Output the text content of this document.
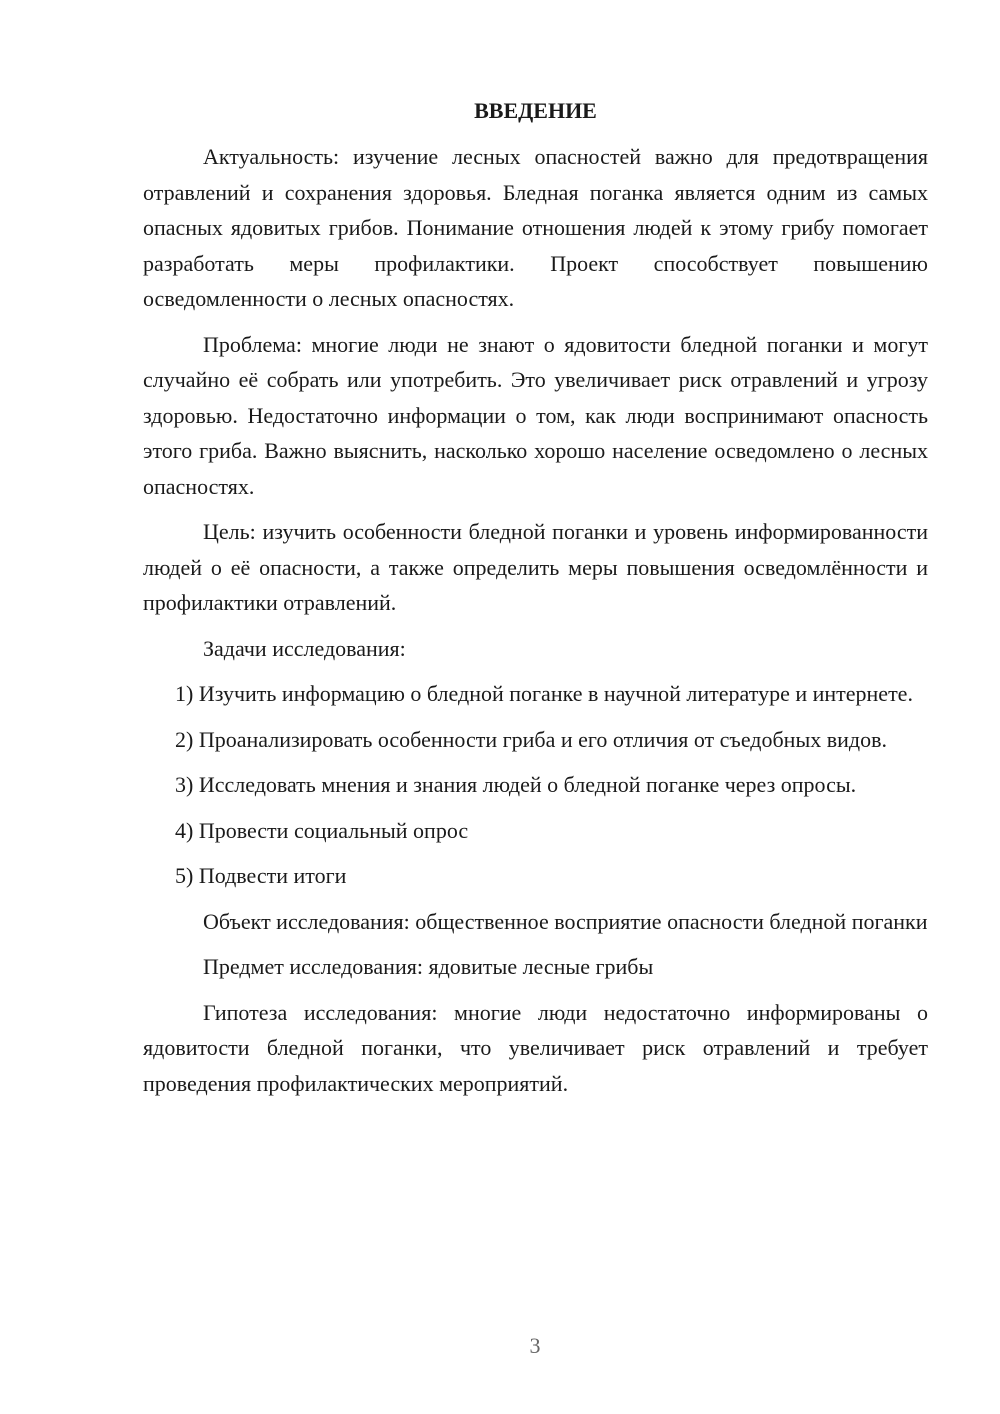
ВВЕДЕНИЕ

Актуальность: изучение лесных опасностей важно для предотвращения отравлений и сохранения здоровья. Бледная поганка является одним из самых опасных ядовитых грибов. Понимание отношения людей к этому грибу помогает разработать меры профилактики. Проект способствует повышению осведомленности о лесных опасностях.

Проблема: многие люди не знают о ядовитости бледной поганки и могут случайно её собрать или употребить. Это увеличивает риск отравлений и угрозу здоровью. Недостаточно информации о том, как люди воспринимают опасность этого гриба. Важно выяснить, насколько хорошо население осведомлено о лесных опасностях.

Цель: изучить особенности бледной поганки и уровень информированности людей о её опасности, а также определить меры повышения осведомлённости и профилактики отравлений.

Задачи исследования:

1) Изучить информацию о бледной поганке в научной литературе и интернете.

2) Проанализировать особенности гриба и его отличия от съедобных видов.

3) Исследовать мнения и знания людей о бледной поганке через опросы.

4) Провести социальный опрос

5) Подвести итоги

Объект исследования: общественное восприятие опасности бледной поганки

Предмет исследования: ядовитые лесные грибы

Гипотеза исследования: многие люди недостаточно информированы о ядовитости бледной поганки, что увеличивает риск отравлений и требует проведения профилактических мероприятий.

3
